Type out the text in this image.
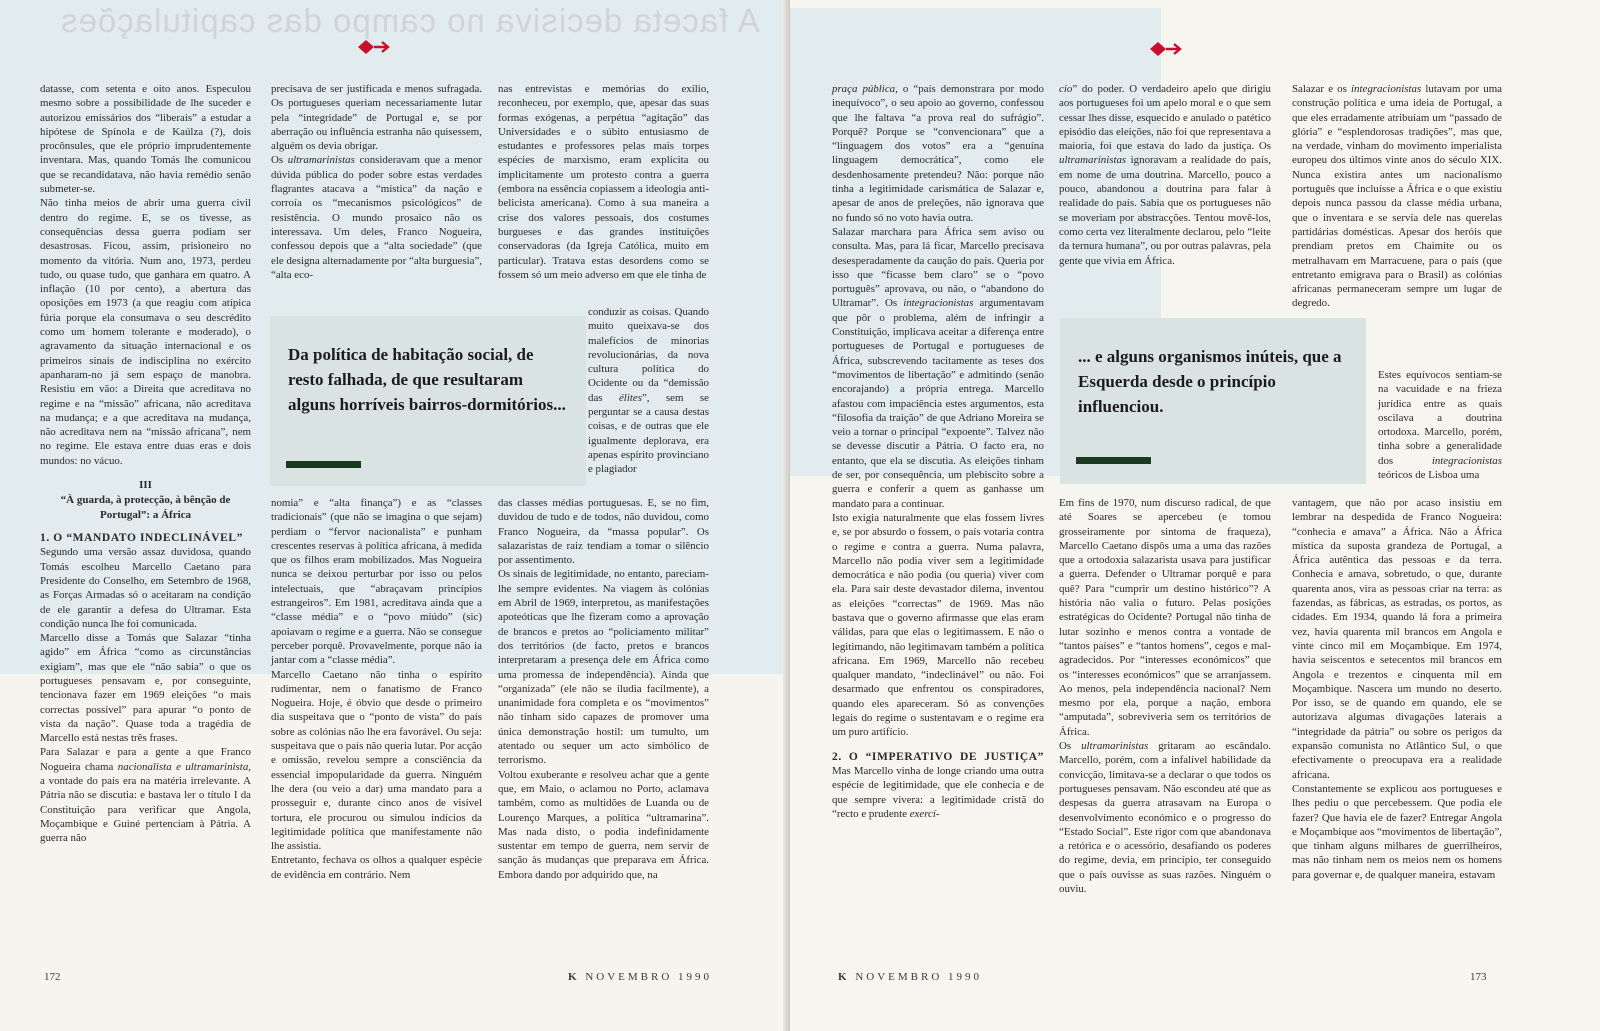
A faceta decisiva no campo das capitulações

datasse, com setenta e oito anos. Especulou mesmo sobre a possibilidade de lhe suceder e autorizou emissários dos “liberais” a estudar a hipótese de Spínola e de Kaúlza (?), dois procônsules, que ele próprio imprudentemente inventara. Mas, quando Tomás lhe comunicou que se recandidatava, não havia remédio senão submeter-se.

Não tinha meios de abrir uma guerra civil dentro do regime. E, se os tivesse, as consequências dessa guerra podiam ser desastrosas. Ficou, assim, prisioneiro no momento da vitória. Num ano, 1973, perdeu tudo, ou quase tudo, que ganhara em quatro. A inflação (10 por cento), a abertura das oposições em 1973 (a que reagiu com atípica fúria porque ela consumava o seu descrédito como um homem tolerante e moderado), o agravamento da situação internacional e os primeiros sinais de indisciplina no exército apanharam-no já sem espaço de manobra. Resistiu em vão: a Direita que acreditava no regime e na “missão” africana, não acreditava na mudança; e a que acreditava na mudança, não acreditava nem na “missão africana”, nem no regime. Ele estava entre duas eras e dois mundos: no vácuo.

III
“À guarda, à protecção, à bênção de Portugal”: a África

1. O “MANDATO INDECLINÁVEL”

Segundo uma versão assaz duvidosa, quando Tomás escolheu Marcello Caetano para Presidente do Conselho, em Setembro de 1968, as Forças Armadas só o aceitaram na condição de ele garantir a defesa do Ultramar. Esta condição nunca lhe foi comunicada.

Marcello disse a Tomás que Salazar “tinha agido” em África “como as circunstâncias exigiam”, mas que ele “não sabia” o que os portugueses pensavam e, por conseguinte, tencionava fazer em 1969 eleições “o mais correctas possível” para apurar “o ponto de vista da nação”. Quase toda a tragédia de Marcello está nestas três frases.

Para Salazar e para a gente a que Franco Nogueira chama nacionalista e ultramarinista, a vontade do país era na matéria irrelevante. A Pátria não se discutia: e bastava ler o título I da Constituição para verificar que Angola, Moçambique e Guiné pertenciam à Pátria. A guerra não

precisava de ser justificada e menos sufragada. Os portugueses queriam necessariamente lutar pela “integridade” de Portugal e, se por aberração ou influência estranha não quisessem, alguém os devia obrigar.

Os ultramarinistas consideravam que a menor dúvida pública do poder sobre estas verdades flagrantes atacava a “mística” da nação e corroía os “mecanismos psicológicos” de resistência. O mundo prosaico não os interessava. Um deles, Franco Nogueira, confessou depois que a “alta sociedade” (que ele designa alternadamente por “alta burguesia”, “alta eco-

nas entrevistas e memórias do exílio, reconheceu, por exemplo, que, apesar das suas formas exógenas, a perpétua “agitação” das Universidades e o súbito entusiasmo de estudantes e professores pelas mais torpes espécies de marxismo, eram explícita ou implicitamente um protesto contra a guerra (embora na essência copiassem a ideologia anti-belicista americana). Como à sua maneira a crise dos valores pessoais, dos costumes burgueses e das grandes instituições conservadoras (da Igreja Católica, muito em particular). Tratava estas desordens como se fossem só um meio adverso em que ele tinha de

Da política de habitação social, de resto falhada, de que resultaram alguns horríveis bairros-dormitórios...

conduzir as coisas. Quando muito queixava-se dos malefícios de minorias revolucionárias, da nova cultura política do Ocidente ou da “demissão das élites”, sem se perguntar se a causa destas coisas, e de outras que ele igualmente deplorava, era apenas espírito provinciano e plagiador

nomia” e “alta finança”) e as “classes tradicionais” (que não se imagina o que sejam) perdiam o “fervor nacionalista” e punham crescentes reservas à política africana, à medida que os filhos eram mobilizados. Mas Nogueira nunca se deixou perturbar por isso ou pelos intelectuais, que “abraçavam princípios estrangeiros”. Em 1981, acreditava ainda que a “classe média” e o “povo miúdo” (sic) apoiavam o regime e a guerra. Não se consegue perceber porquê. Provavelmente, porque não ia jantar com a “classe média”.

Marcello Caetano não tinha o espírito rudimentar, nem o fanatismo de Franco Nogueira. Hoje, é óbvio que desde o primeiro dia suspeitava que o “ponto de vista” do país sobre as colónias não lhe era favorável. Ou seja: suspeitava que o país não queria lutar. Por acção e omissão, revelou sempre a consciência da essencial impopularidade da guerra. Ninguém lhe dera (ou veio a dar) uma mandato para a prosseguir e, durante cinco anos de visível tortura, ele procurou ou simulou indícios da legitimidade política que manifestamente não lhe assistia.

Entretanto, fechava os olhos a qualquer espécie de evidência em contrário. Nem

das classes médias portuguesas. E, se no fim, duvidou de tudo e de todos, não duvidou, como Franco Nogueira, da “massa popular”. Os salazaristas de raiz tendiam a tomar o silêncio por assentimento.

Os sinais de legitimidade, no entanto, pareciam-lhe sempre evidentes. Na viagem às colónias em Abril de 1969, interpretou, as manifestações apoteóticas que lhe fizeram como a aprovação de brancos e pretos ao “policiamento militar” dos territórios (de facto, pretos e brancos interpretaram a presença dele em África como uma promessa de independência). Ainda que “organizada” (ele não se iludia facilmente), a unanimidade fora completa e os “movimentos” não tinham sido capazes de promover uma única demonstração hostil: um tumulto, um atentado ou sequer um acto simbólico de terrorismo.

Voltou exuberante e resolveu achar que a gente que, em Maio, o aclamou no Porto, aclamava também, como as multidões de Luanda ou de Lourenço Marques, a política “ultramarina”. Mas nada disto, o podia indefinidamente sustentar em tempo de guerra, nem servir de sanção às mudanças que preparava em África. Embora dando por adquirido que, na

172	K NOVEMBRO 1990

praça pública, o “país demonstrara por modo inequívoco”, o seu apoio ao governo, confessou que lhe faltava “a prova real do sufrágio”. Porquê? Porque se “convencionara” que a “linguagem dos votos” era a “genuína linguagem democrática”, como ele desdenhosamente pretendeu? Não: porque não tinha a legitimidade carismática de Salazar e, apesar de anos de preleções, não ignorava que no fundo só no voto havia outra.

Salazar marchara para África sem aviso ou consulta. Mas, para lá ficar, Marcello precisava desesperadamente da caução do país. Queria por isso que “ficasse bem claro” se o “povo português” aprovava, ou não, o “abandono do Ultramar”. Os integracionistas argumentavam que pôr o problema, além de infringir a Constituição, implicava aceitar a diferença entre portugueses de Portugal e portugueses de África, subscrevendo tacitamente as teses dos “movimentos de libertação” e admitindo (senão encorajando) a própria entrega. Marcello afastou com impaciência estes argumentos, esta “filosofia da traição” de que Adriano Moreira se veio a tornar o principal “expoente”. Talvez não se devesse discutir a Pátria. O facto era, no entanto, que ela se discutia. As eleições tinham de ser, por consequência, um plebiscito sobre a guerra e conferir a quem as ganhasse um mandato para a continuar.

Isto exigia naturalmente que elas fossem livres e, se por absurdo o fossem, o país votaria contra o regime e contra a guerra. Numa palavra, Marcello não podia viver sem a legitimidade democrática e não podia (ou queria) viver com ela. Para sair deste devastador dilema, inventou as eleições “correctas” de 1969. Mas não bastava que o governo afirmasse que elas eram válidas, para que elas o legitimassem. E não o legitimando, não legitimavam também a política africana. Em 1969, Marcello não recebeu qualquer mandato, “indeclinável” ou não. Foi desarmado que enfrentou os conspiradores, quando eles apareceram. Só as convenções legais do regime o sustentavam e o regime era um puro artifício.

2. O “IMPERATIVO DE JUSTIÇA” Mas Marcello vinha de longe criando uma outra espécie de legitimidade, que ele conhecia e de que sempre vivera: a legitimidade cristã do “recto e prudente exercí-

cio” do poder. O verdadeiro apelo que dirigiu aos portugueses foi um apelo moral e o que sem cessar lhes disse, esquecido e anulado o patético episódio das eleições, não foi que representava a maioria, foi que estava do lado da justiça. Os ultramarinistas ignoravam a realidade do país, em nome de uma doutrina. Marcello, pouco a pouco, abandonou a doutrina para falar à realidade do país. Sabia que os portugueses não se moveriam por abstracções. Tentou movê-los, como certa vez literalmente declarou, pelo “leite da ternura humana”, ou por outras palavras, pela gente que vivia em África.

... e alguns organismos inúteis, que a Esquerda desde o princípio influenciou.

Em fins de 1970, num discurso radical, de que até Soares se apercebeu (e tomou grosseiramente por sintoma de fraqueza), Marcello Caetano dispôs uma a uma das razões que a ortodoxia salazarista usava para justificar a guerra. Defender o Ultramar porquê e para quê? Para “cumprir um destino histórico”? A história não valia o futuro. Pelas posições estratégicas do Ocidente? Portugal não tinha de lutar sozinho e menos contra a vontade de “tantos países” e “tantos homens”, cegos e mal-agradecidos. Por “interesses económicos” que os “interesses económicos” que se arranjassem. Ao menos, pela independência nacional? Nem mesmo por ela, porque a nação, embora “amputada”, sobreviveria sem os territórios de África.

Os ultramarinistas gritaram ao escândalo. Marcello, porém, com a infalível habilidade da convicção, limitava-se a declarar o que todos os portugueses pensavam. Não escondeu até que as despesas da guerra atrasavam na Europa o desenvolvimento económico e o progresso do “Estado Social”. Este rigor com que abandonava a retórica e o acessório, desafiando os poderes do regime, devia, em princípio, ter conseguido que o país ouvisse as suas razões. Ninguém o ouviu.

Salazar e os integracionistas lutavam por uma construção política e uma ideia de Portugal, a que eles erradamente atribuíam um “passado de glória” e “esplendorosas tradições”, mas que, na verdade, vinham do movimento imperialista europeu dos últimos vinte anos do século XIX. Nunca existira antes um nacionalismo português que incluísse a África e o que existiu depois nunca passou da classe média urbana, que o inventara e se servia dele nas querelas partidárias domésticas. Apesar dos heróis que prendiam pretos em Chaimite ou os metralhavam em Marracuene, para o país (que entretanto emigrava para o Brasil) as colónias africanas permaneceram sempre um lugar de degredo.

Estes equívocos sentiam-se na vacuidade e na frieza jurídica entre as quais oscilava a doutrina ortodoxa. Marcello, porém, tinha sobre a generalidade dos integracionistas teóricos de Lisboa uma

vantagem, que não por acaso insistiu em lembrar na despedida de Franco Nogueira: “conhecia e amava” a África. Não a África mística da suposta grandeza de Portugal, a África autêntica das pessoas e da terra. Conhecia e amava, sobretudo, o que, durante quarenta anos, vira as pessoas criar na terra: as fazendas, as fábricas, as estradas, os portos, as cidades. Em 1934, quando lá fora a primeira vez, havia quarenta mil brancos em Angola e vinte cinco mil em Moçambique. Em 1974, havia seiscentos e setecentos mil brancos em Angola e trezentos e cinquenta mil em Moçambique. Nascera um mundo no deserto. Por isso, se de quando em quando, ele se autorizava algumas divagações laterais a “integridade da pátria” ou sobre os perigos da expansão comunista no Atlântico Sul, o que efectivamente o preocupava era a realidade africana.

Constantemente se explicou aos portugueses e lhes pediu o que percebessem. Que podia ele fazer? Que havia ele de fazer? Entregar Angola e Moçambique aos “movimentos de libertação”, que tinham alguns milhares de guerrilheiros, mas não tinham nem os meios nem os homens para governar e, de qualquer maneira, estavam

K NOVEMBRO 1990	173
